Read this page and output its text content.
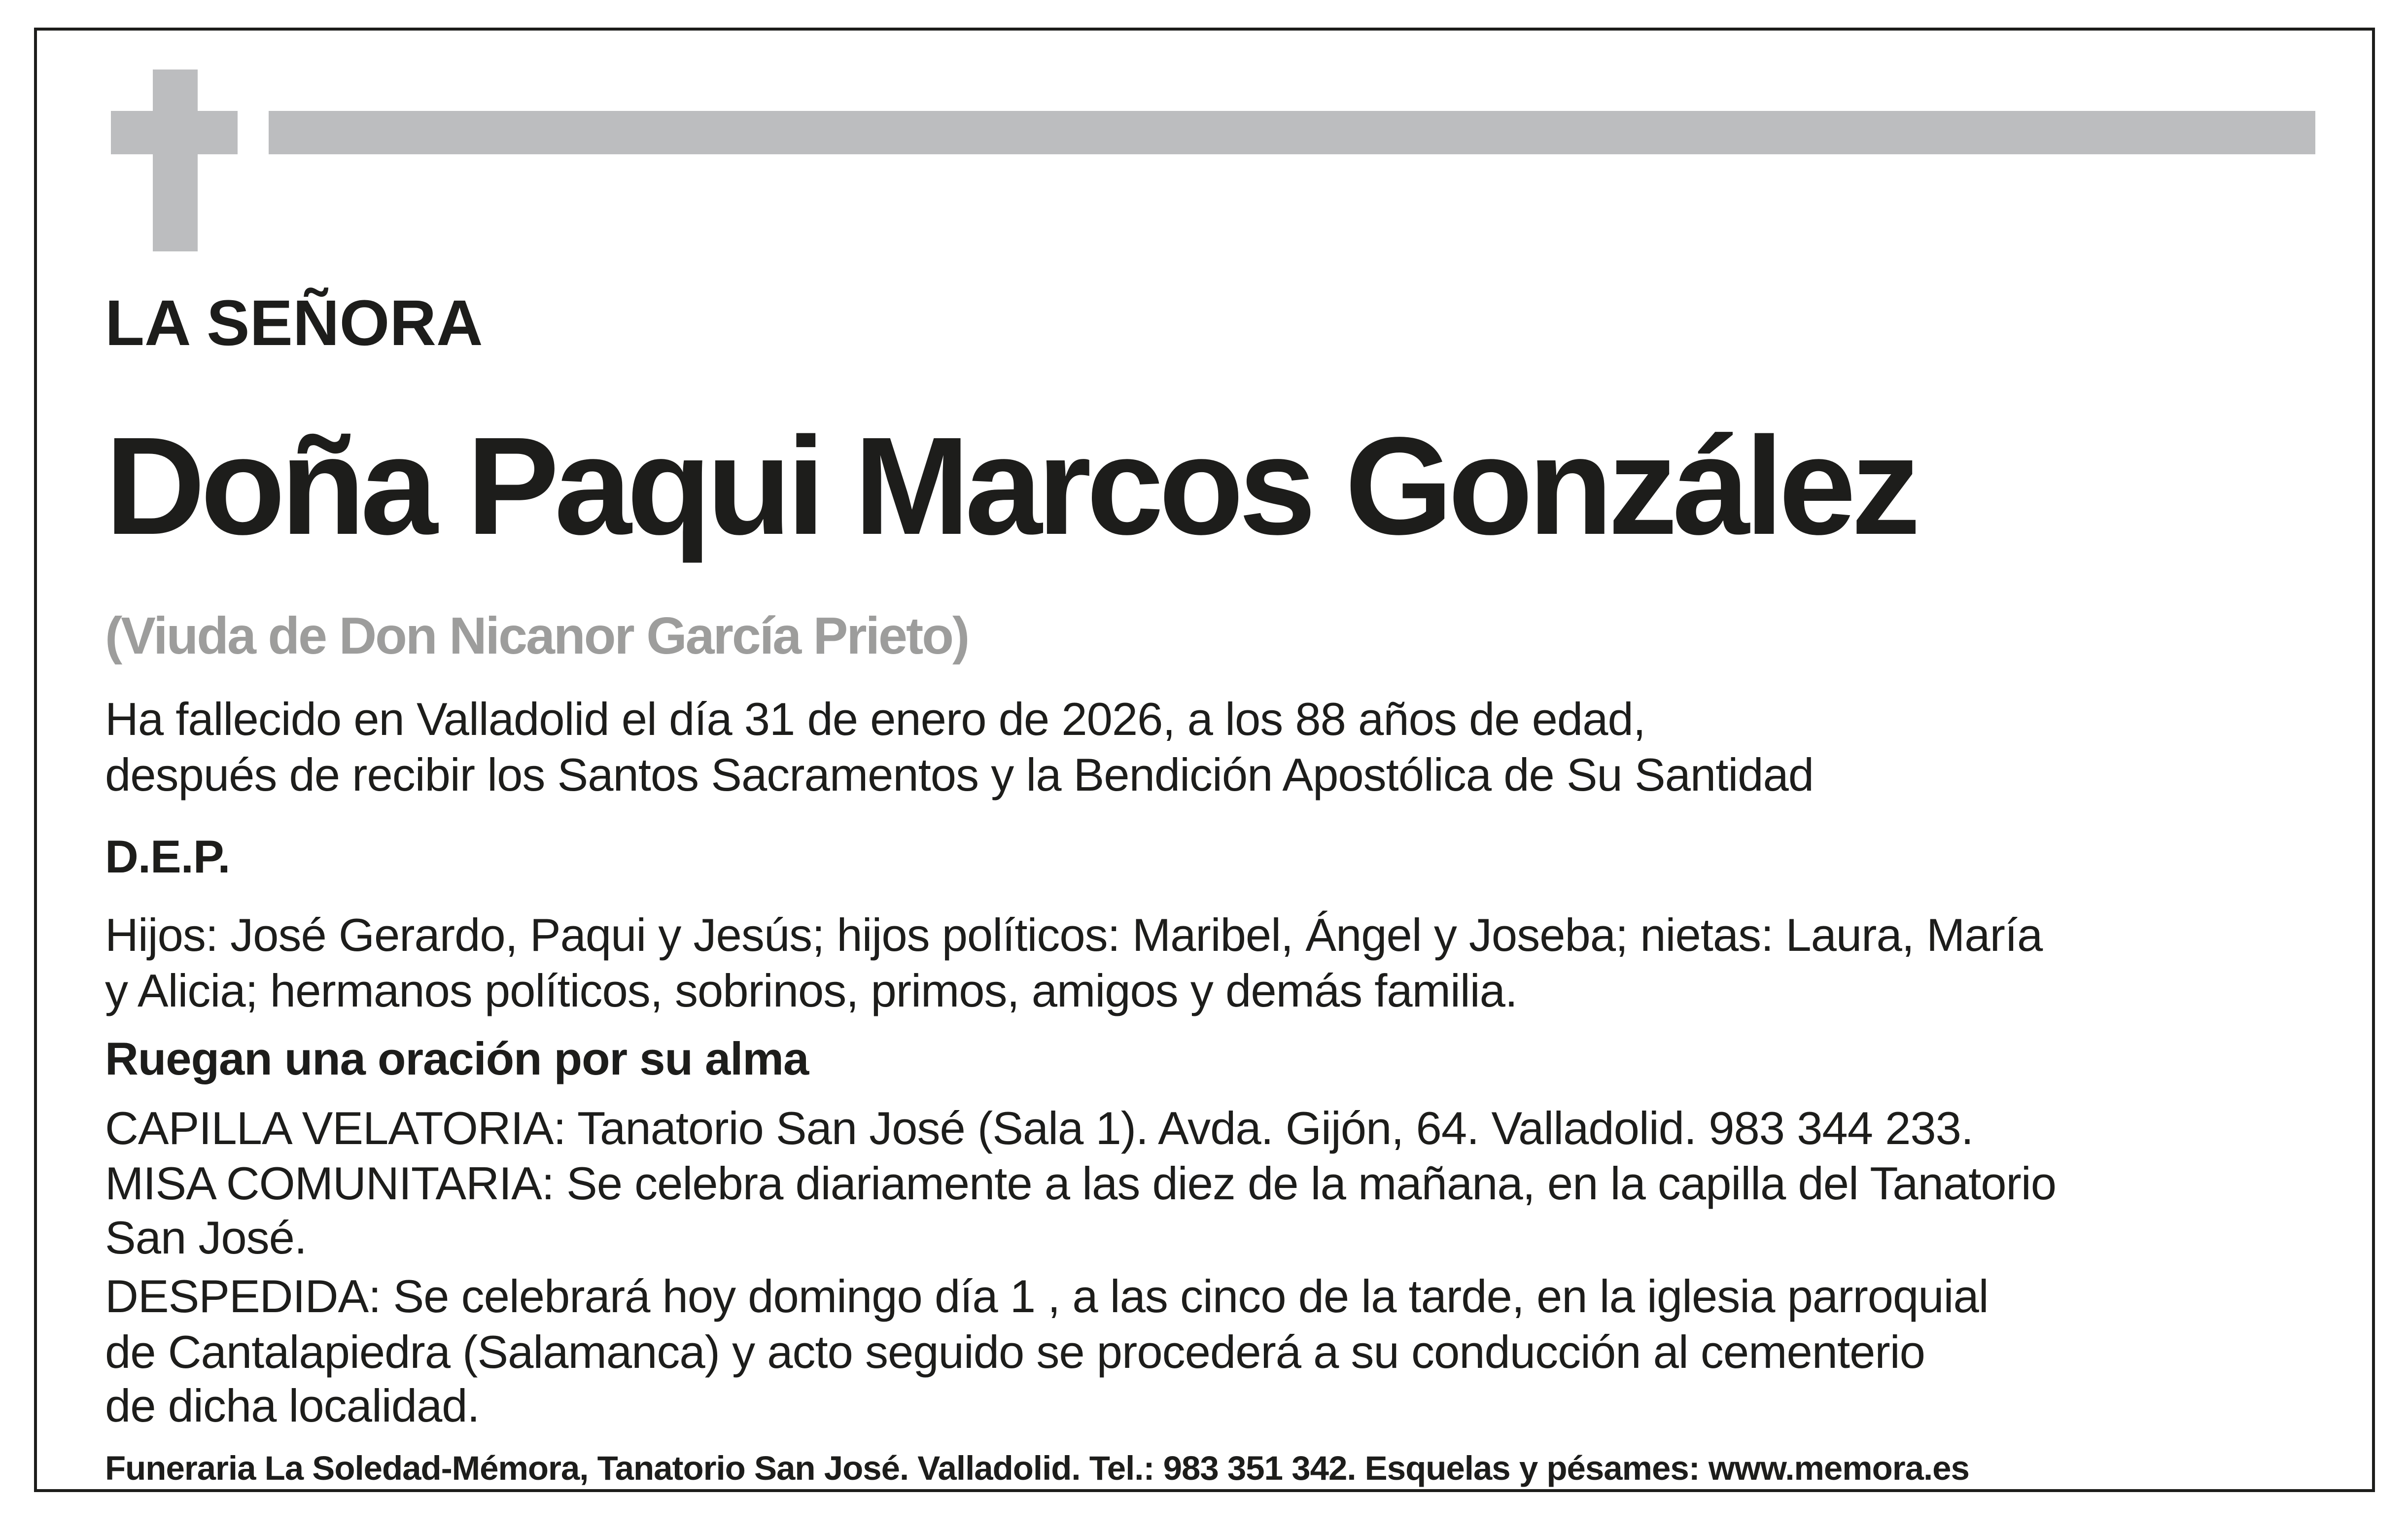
LA SEÑORA
Doña Paqui Marcos González
(Viuda de Don Nicanor García Prieto)
Ha fallecido en Valladolid el día 31 de enero de 2026, a los 88 años de edad,
después de recibir los Santos Sacramentos y la Bendición Apostólica de Su Santidad
D.E.P.
Hijos: José Gerardo, Paqui y Jesús; hijos políticos: Maribel, Ángel y Joseba; nietas: Laura, María
y Alicia; hermanos políticos, sobrinos, primos, amigos y demás familia.
Ruegan una oración por su alma
CAPILLA VELATORIA: Tanatorio San José (Sala 1). Avda. Gijón, 64. Valladolid. 983 344 233.
MISA COMUNITARIA: Se celebra diariamente a las diez de la mañana, en la capilla del Tanatorio
San José.
DESPEDIDA: Se celebrará hoy domingo día 1 , a las cinco de la tarde, en la iglesia parroquial
de Cantalapiedra (Salamanca) y acto seguido se procederá a su conducción al cementerio
de dicha localidad.
Funeraria La Soledad-Mémora, Tanatorio San José. Valladolid. Tel.: 983 351 342. Esquelas y pésames: www.memora.es
